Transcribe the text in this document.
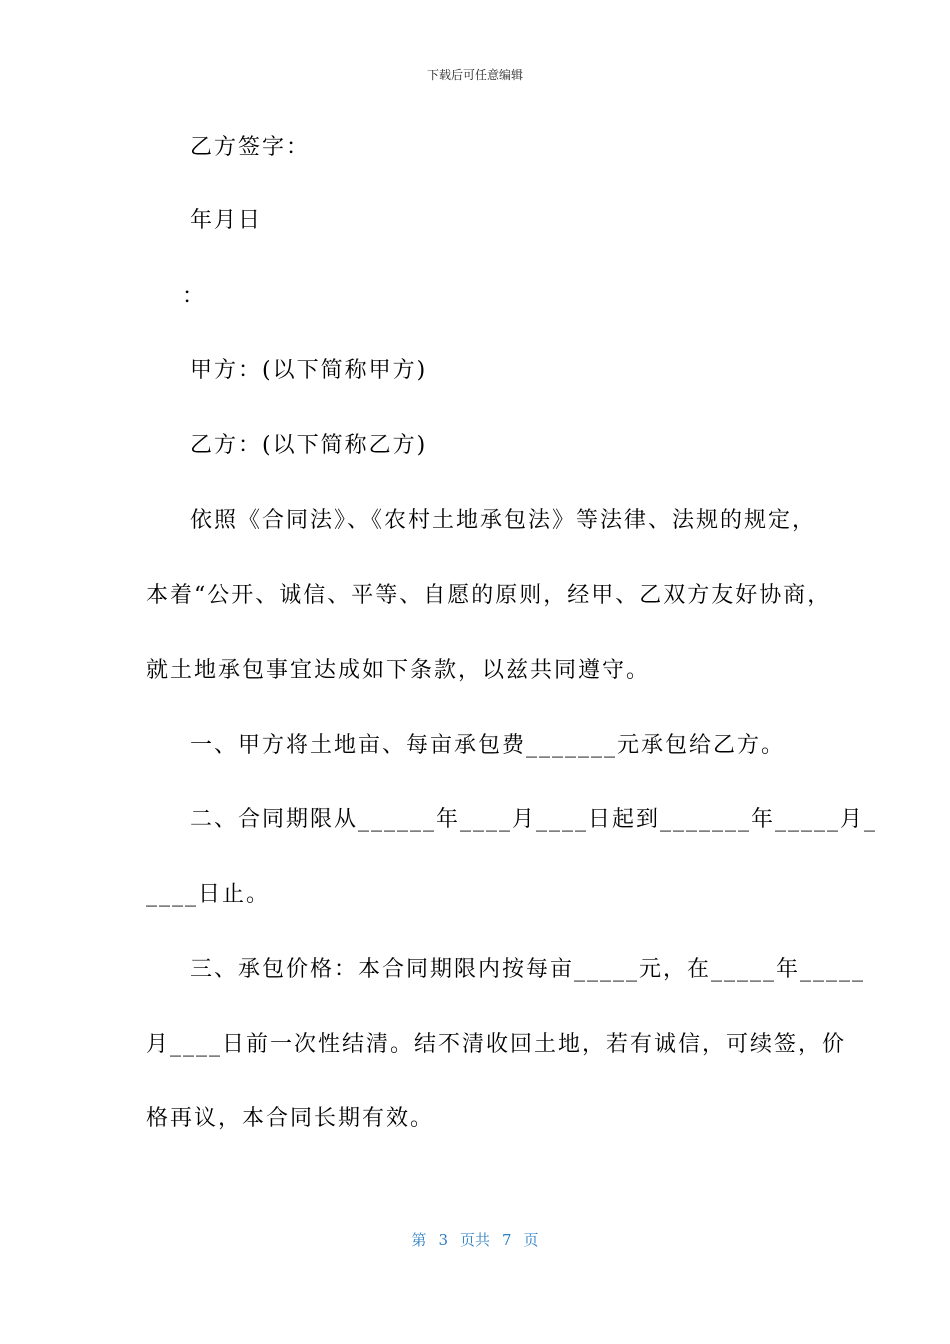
下载后可任意编辑
乙方签字：
年月日
：
甲方：(以下简称甲方)
乙方：(以下简称乙方)
依照《合同法》、《农村土地承包法》等法律、法规的规定，
本着“公开、诚信、平等、自愿的原则，经甲、乙双方友好协商，
就土地承包事宜达成如下条款，以兹共同遵守。
一、甲方将土地亩、每亩承包费_______元承包给乙方。
二、合同期限从______年____月____日起到_______年_____月_
____日止。
三、承包价格：本合同期限内按每亩_____元，在_____年_____
月____日前一次性结清。结不清收回土地，若有诚信，可续签，价
格再议，本合同长期有效。
第 3 页共 7 页
